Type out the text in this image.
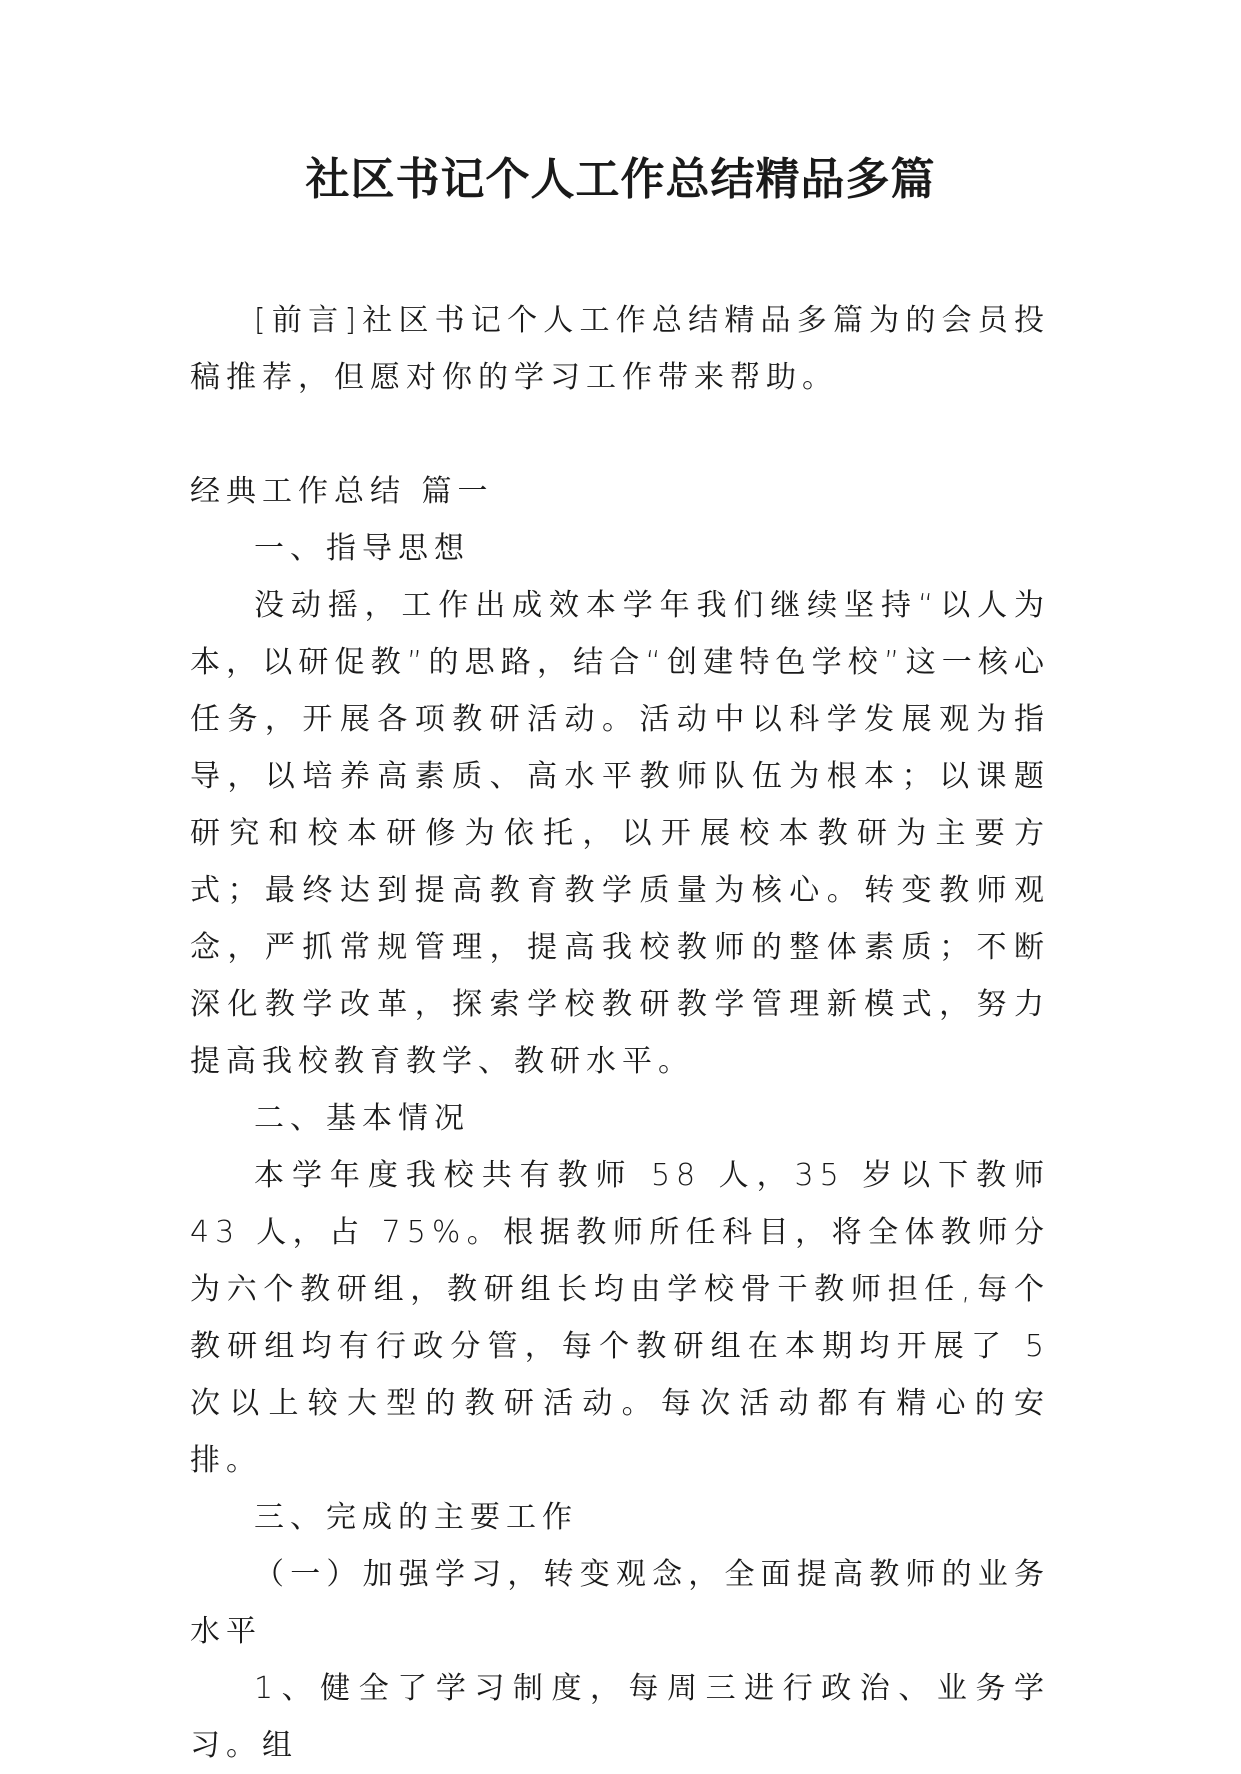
社区书记个人工作总结精品多篇

[前言]社区书记个人工作总结精品多篇为的会员投稿推荐，但愿对你的学习工作带来帮助。

经典工作总结 篇一

一、指导思想

没动摇，工作出成效本学年我们继续坚持“以人为本，以研促教”的思路，结合“创建特色学校”这一核心任务，开展各项教研活动。活动中以科学发展观为指导，以培养高素质、高水平教师队伍为根本；以课题研究和校本研修为依托，以开展校本教研为主要方式；最终达到提高教育教学质量为核心。转变教师观念，严抓常规管理，提高我校教师的整体素质；不断深化教学改革，探索学校教研教学管理新模式，努力提高我校教育教学、教研水平。

二、基本情况

本学年度我校共有教师 58 人，35 岁以下教师 43 人，占 75%。根据教师所任科目，将全体教师分为六个教研组，教研组长均由学校骨干教师担任,每个教研组均有行政分管，每个教研组在本期均开展了 5 次以上较大型的教研活动。每次活动都有精心的安排。

三、完成的主要工作

（一）加强学习，转变观念，全面提高教师的业务水平

1、健全了学习制度，每周三进行政治、业务学习。组
